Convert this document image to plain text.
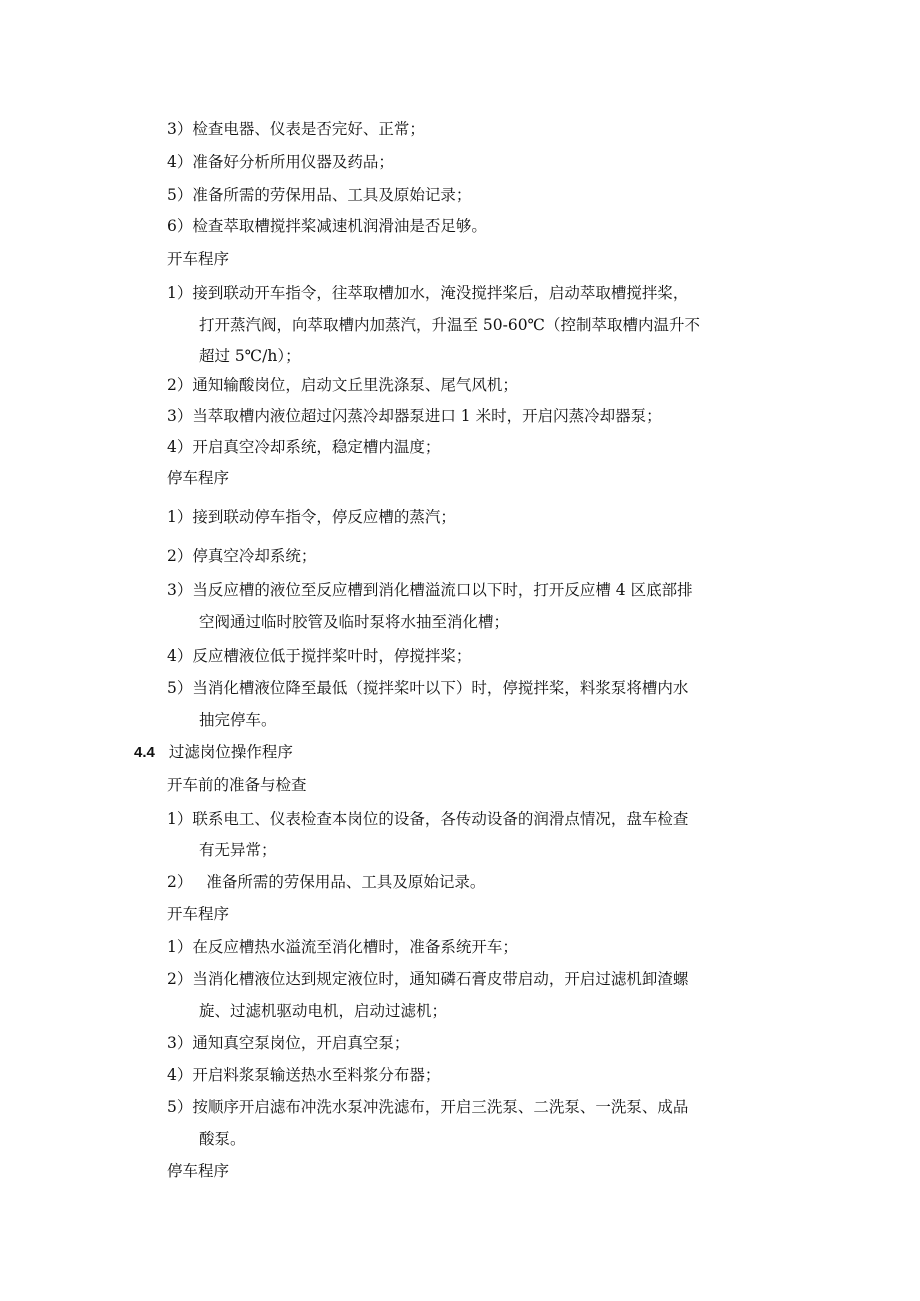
3）检查电器、仪表是否完好、正常；
4）准备好分析所用仪器及药品；
5）准备所需的劳保用品、工具及原始记录；
6）检查萃取槽搅拌桨减速机润滑油是否足够。
开车程序
1）接到联动开车指令，往萃取槽加水，淹没搅拌桨后，启动萃取槽搅拌桨，
打开蒸汽阀，向萃取槽内加蒸汽，升温至 50-60℃（控制萃取槽内温升不
超过 5℃/h）；
2）通知输酸岗位，启动文丘里洗涤泵、尾气风机；
3）当萃取槽内液位超过闪蒸冷却器泵进口 1 米时，开启闪蒸冷却器泵；
4）开启真空冷却系统，稳定槽内温度；
停车程序
1）接到联动停车指令，停反应槽的蒸汽；
2）停真空冷却系统；
3）当反应槽的液位至反应槽到消化槽溢流口以下时，打开反应槽 4 区底部排
空阀通过临时胶管及临时泵将水抽至消化槽；
4）反应槽液位低于搅拌桨叶时，停搅拌桨；
5）当消化槽液位降至最低（搅拌桨叶以下）时，停搅拌桨，料浆泵将槽内水
抽完停车。
4.4 过滤岗位操作程序
开车前的准备与检查
1）联系电工、仪表检查本岗位的设备，各传动设备的润滑点情况，盘车检查
有无异常；
2） 准备所需的劳保用品、工具及原始记录。
开车程序
1）在反应槽热水溢流至消化槽时，准备系统开车；
2）当消化槽液位达到规定液位时，通知磷石膏皮带启动，开启过滤机卸渣螺
旋、过滤机驱动电机，启动过滤机；
3）通知真空泵岗位，开启真空泵；
4）开启料浆泵输送热水至料浆分布器；
5）按顺序开启滤布冲洗水泵冲洗滤布，开启三洗泵、二洗泵、一洗泵、成品
酸泵。
停车程序
